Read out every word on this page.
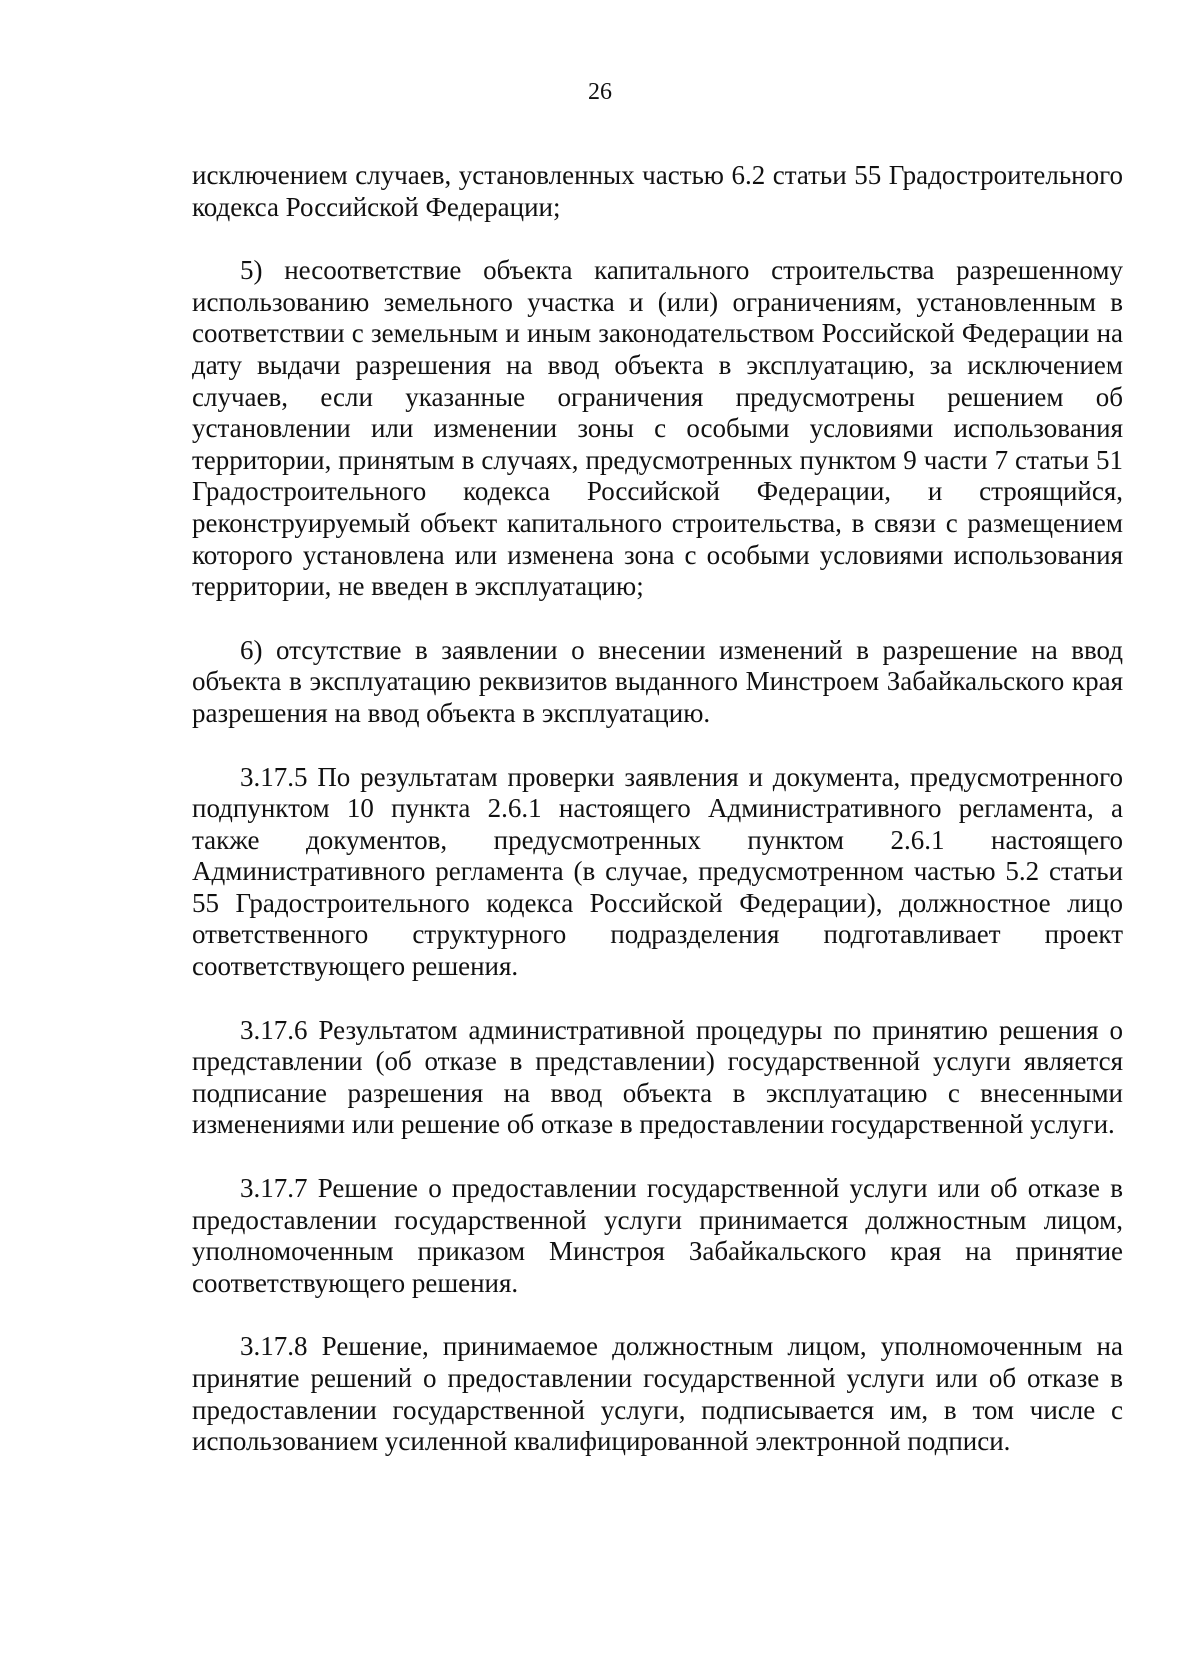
26

исключением случаев, установленных частью 6.2 статьи 55 Градостроительного кодекса Российской Федерации;

5) несоответствие объекта капитального строительства разрешенному использованию земельного участка и (или) ограничениям, установленным в соответствии с земельным и иным законодательством Российской Федерации на дату выдачи разрешения на ввод объекта в эксплуатацию, за исключением случаев, если указанные ограничения предусмотрены решением об установлении или изменении зоны с особыми условиями использования территории, принятым в случаях, предусмотренных пунктом 9 части 7 статьи 51 Градостроительного кодекса Российской Федерации, и строящийся, реконструируемый объект капитального строительства, в связи с размещением которого установлена или изменена зона с особыми условиями использования территории, не введен в эксплуатацию;

6) отсутствие в заявлении о внесении изменений в разрешение на ввод объекта в эксплуатацию реквизитов выданного Минстроем Забайкальского края разрешения на ввод объекта в эксплуатацию.

3.17.5 По результатам проверки заявления и документа, предусмотренного подпунктом 10 пункта 2.6.1 настоящего Административного регламента, а также документов, предусмотренных пунктом 2.6.1 настоящего Административного регламента (в случае, предусмотренном частью 5.2 статьи 55 Градостроительного кодекса Российской Федерации), должностное лицо ответственного структурного подразделения подготавливает проект соответствующего решения.

3.17.6 Результатом административной процедуры по принятию решения о представлении (об отказе в представлении) государственной услуги является подписание разрешения на ввод объекта в эксплуатацию с внесенными изменениями или решение об отказе в предоставлении государственной услуги.

3.17.7 Решение о предоставлении государственной услуги или об отказе в предоставлении государственной услуги принимается должностным лицом, уполномоченным приказом Минстроя Забайкальского края на принятие соответствующего решения.

3.17.8 Решение, принимаемое должностным лицом, уполномоченным на принятие решений о предоставлении государственной услуги или об отказе в предоставлении государственной услуги, подписывается им, в том числе с использованием усиленной квалифицированной электронной подписи.
